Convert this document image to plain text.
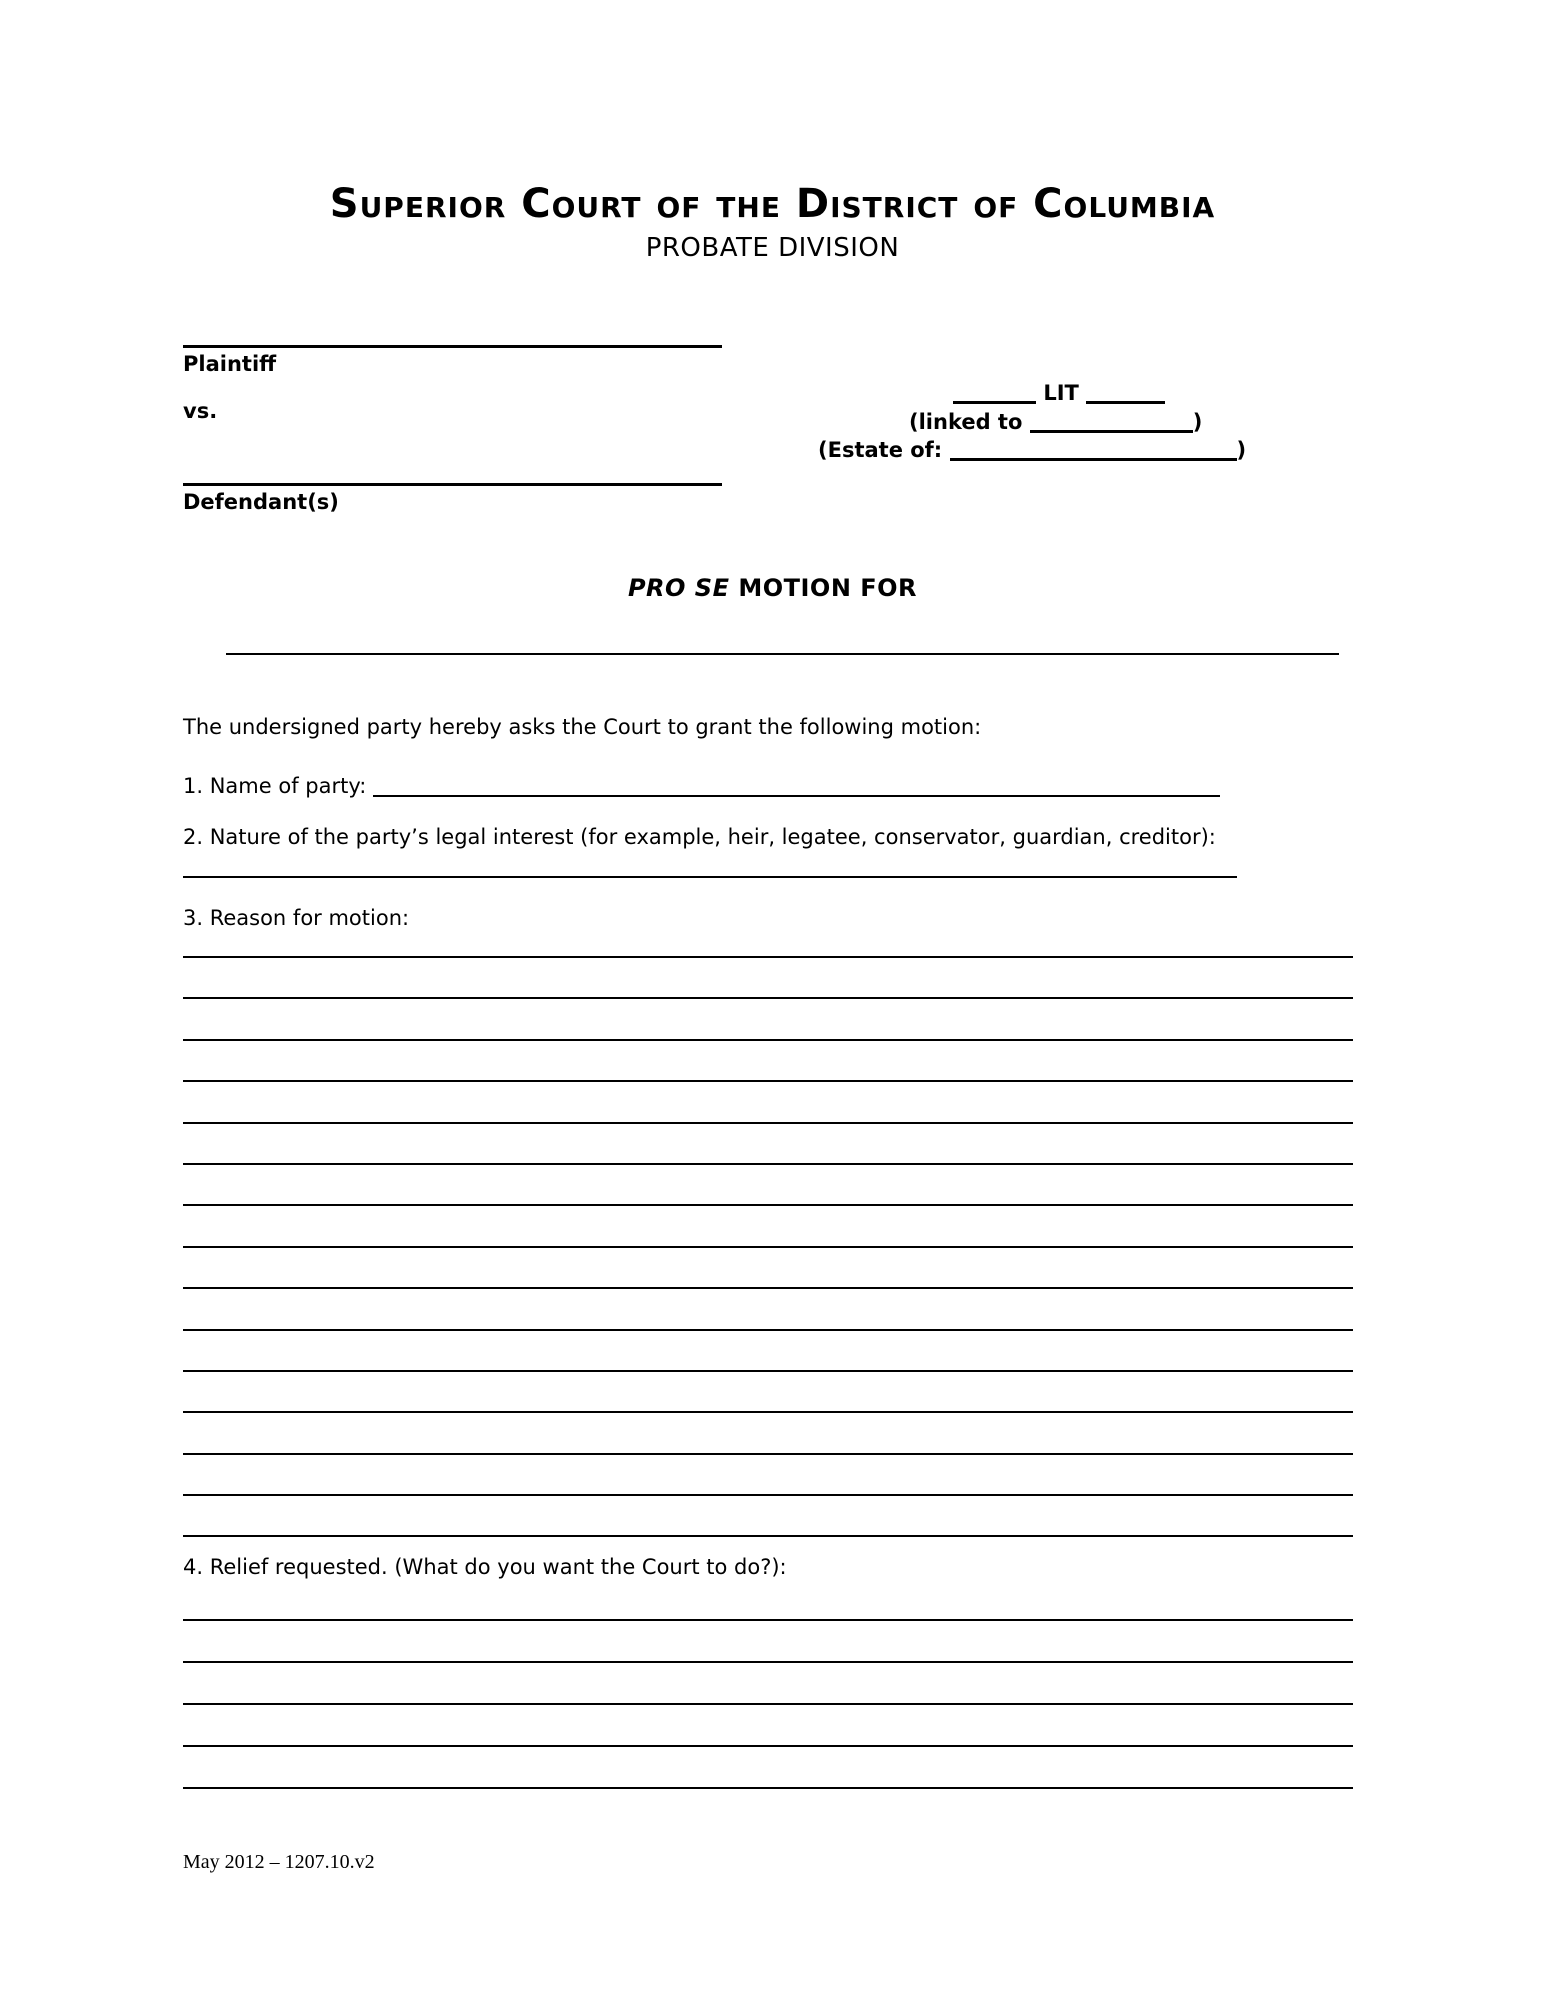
Superior Court of the District of Columbia
PROBATE DIVISION
Plaintiff
vs.
Defendant(s)
LIT
(linked to	)
(Estate of:	)
PRO SE MOTION FOR
The undersigned party hereby asks the Court to grant the following motion:
1. Name of party:
2. Nature of the party’s legal interest (for example, heir, legatee, conservator, guardian, creditor):
3. Reason for motion:
4. Relief requested. (What do you want the Court to do?):
May 2012 – 1207.10.v2
